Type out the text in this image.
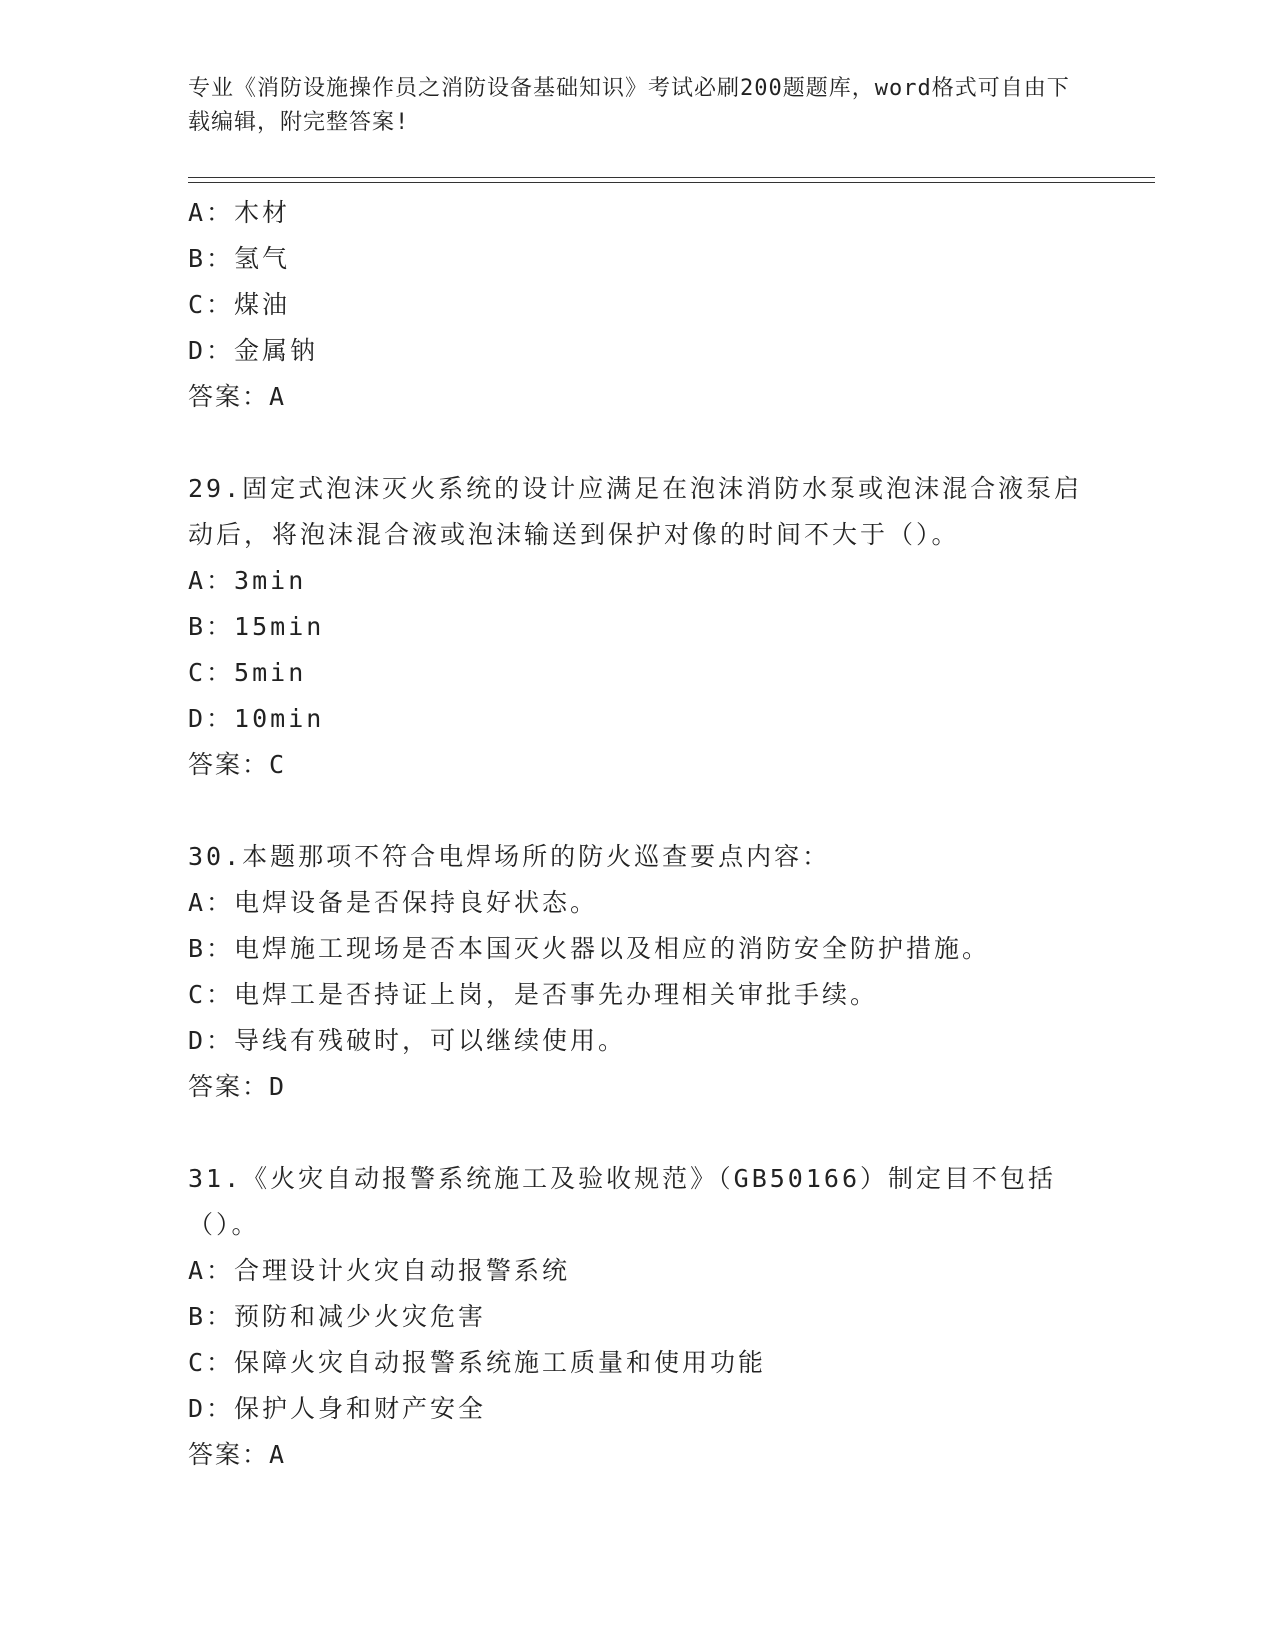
专业《消防设施操作员之消防设备基础知识》考试必刷200题题库，word格式可自由下载编辑，附完整答案!
A：木材
B：氢气
C：煤油
D：金属钠
答案：A
29.固定式泡沫灭火系统的设计应满足在泡沫消防水泵或泡沫混合液泵启动后，将泡沫混合液或泡沫输送到保护对像的时间不大于（）。
A：3min
B：15min
C：5min
D：10min
答案：C
30.本题那项不符合电焊场所的防火巡查要点内容：
A：电焊设备是否保持良好状态。
B：电焊施工现场是否本国灭火器以及相应的消防安全防护措施。
C：电焊工是否持证上岗，是否事先办理相关审批手续。
D：导线有残破时，可以继续使用。
答案：D
31.《火灾自动报警系统施工及验收规范》（GB50166）制定目不包括（）。
A：合理设计火灾自动报警系统
B：预防和减少火灾危害
C：保障火灾自动报警系统施工质量和使用功能
D：保护人身和财产安全
答案：A
